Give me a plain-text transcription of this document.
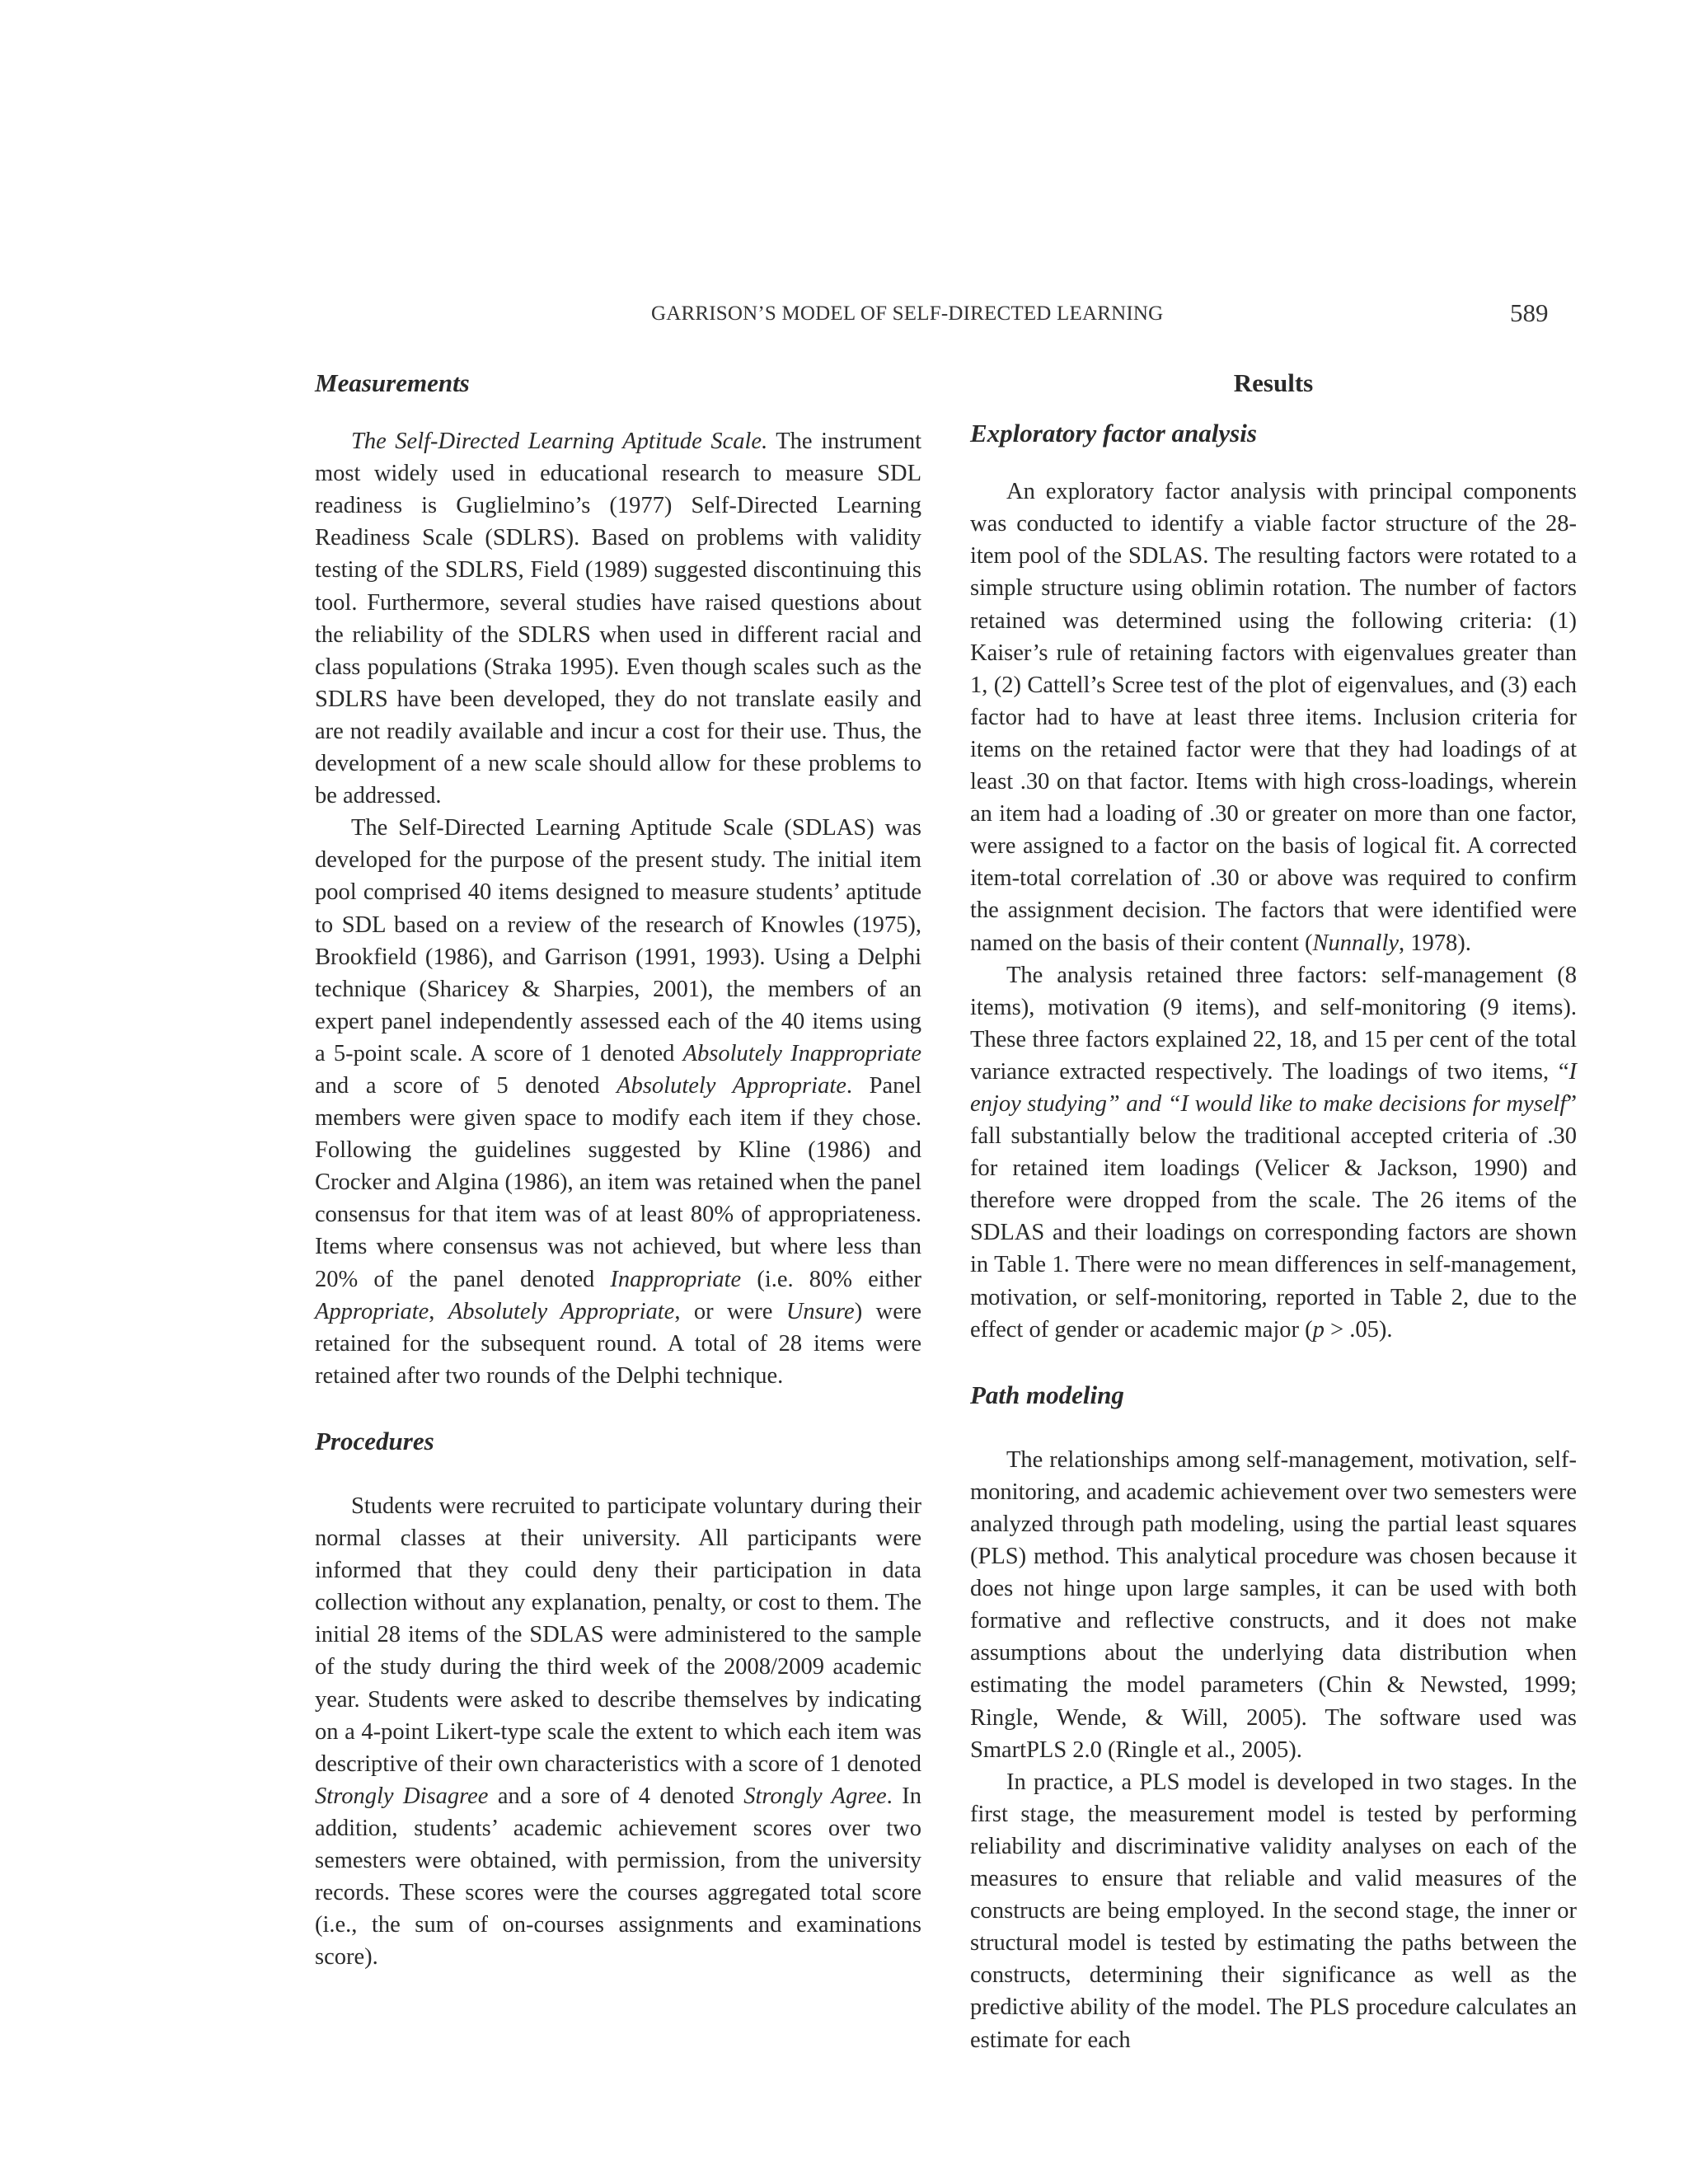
GARRISON’S MODEL OF SELF-DIRECTED LEARNING	589
Measurements

The Self-Directed Learning Aptitude Scale. The instrument most widely used in educational research to measure SDL readiness is Guglielmino’s (1977) Self-Directed Learning Readiness Scale (SDLRS). Based on problems with validity testing of the SDLRS, Field (1989) suggested discontinuing this tool. Furthermore, several studies have raised questions about the reliability of the SDLRS when used in different racial and class populations (Straka 1995). Even though scales such as the SDLRS have been developed, they do not translate easily and are not readily available and incur a cost for their use. Thus, the development of a new scale should allow for these problems to be addressed.

The Self-Directed Learning Aptitude Scale (SDLAS) was developed for the purpose of the present study. The initial item pool comprised 40 items designed to measure students’ aptitude to SDL based on a review of the research of Knowles (1975), Brookfield (1986), and Garrison (1991, 1993). Using a Delphi technique (Sharicey & Sharpies, 2001), the members of an expert panel independently assessed each of the 40 items using a 5-point scale. A score of 1 denoted Absolutely Inappropriate and a score of 5 denoted Absolutely Appropriate. Panel members were given space to modify each item if they chose. Following the guidelines suggested by Kline (1986) and Crocker and Algina (1986), an item was retained when the panel consensus for that item was of at least 80% of appropriateness. Items where consensus was not achieved, but where less than 20% of the panel denoted Inappropriate (i.e. 80% either Appropriate, Absolutely Appropriate, or were Unsure) were retained for the subsequent round. A total of 28 items were retained after two rounds of the Delphi technique.

Procedures

Students were recruited to participate voluntary during their normal classes at their university. All participants were informed that they could deny their participation in data collection without any explanation, penalty, or cost to them. The initial 28 items of the SDLAS were administered to the sample of the study during the third week of the 2008/2009 academic year. Students were asked to describe themselves by indicating on a 4-point Likert-type scale the extent to which each item was descriptive of their own characteristics with a score of 1 denoted Strongly Disagree and a sore of 4 denoted Strongly Agree. In addition, students’ academic achievement scores over two semesters were obtained, with permission, from the university records. These scores were the courses aggregated total score (i.e., the sum of on-courses assignments and examinations score).

Results
Exploratory factor analysis

An exploratory factor analysis with principal components was conducted to identify a viable factor structure of the 28-item pool of the SDLAS. The resulting factors were rotated to a simple structure using oblimin rotation. The number of factors retained was determined using the following criteria: (1) Kaiser’s rule of retaining factors with eigenvalues greater than 1, (2) Cattell’s Scree test of the plot of eigenvalues, and (3) each factor had to have at least three items. Inclusion criteria for items on the retained factor were that they had loadings of at least .30 on that factor. Items with high cross-loadings, wherein an item had a loading of .30 or greater on more than one factor, were assigned to a factor on the basis of logical fit. A corrected item-total correlation of .30 or above was required to confirm the assignment decision. The factors that were identified were named on the basis of their content (Nunnally, 1978).

The analysis retained three factors: self-management (8 items), motivation (9 items), and self-monitoring (9 items). These three factors explained 22, 18, and 15 per cent of the total variance extracted respectively. The loadings of two items, “I enjoy studying” and “I would like to make decisions for myself” fall substantially below the traditional accepted criteria of .30 for retained item loadings (Velicer & Jackson, 1990) and therefore were dropped from the scale. The 26 items of the SDLAS and their loadings on corresponding factors are shown in Table 1. There were no mean differences in self-management, motivation, or self-monitoring, reported in Table 2, due to the effect of gender or academic major (p > .05).

Path modeling

The relationships among self-management, motivation, self-monitoring, and academic achievement over two semesters were analyzed through path modeling, using the partial least squares (PLS) method. This analytical procedure was chosen because it does not hinge upon large samples, it can be used with both formative and reflective constructs, and it does not make assumptions about the underlying data distribution when estimating the model parameters (Chin & Newsted, 1999; Ringle, Wende, & Will, 2005). The software used was SmartPLS 2.0 (Ringle et al., 2005).

In practice, a PLS model is developed in two stages. In the first stage, the measurement model is tested by performing reliability and discriminative validity analyses on each of the measures to ensure that reliable and valid measures of the constructs are being employed. In the second stage, the inner or structural model is tested by estimating the paths between the constructs, determining their significance as well as the predictive ability of the model. The PLS procedure calculates an estimate for each
